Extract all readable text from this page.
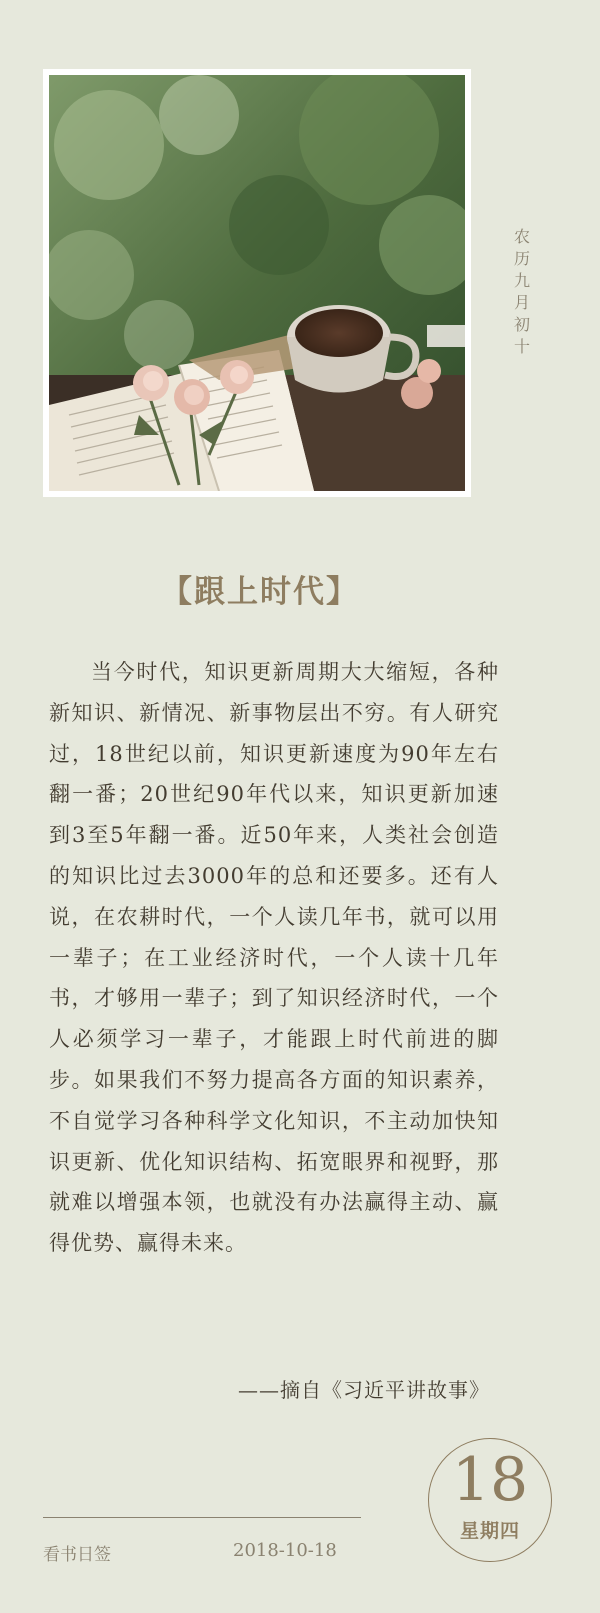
农历九月初十
【跟上时代】

当今时代，知识更新周期大大缩短，各种新知识、新情况、新事物层出不穷。有人研究过，18世纪以前，知识更新速度为90年左右翻一番；20世纪90年代以来，知识更新加速到3至5年翻一番。近50年来，人类社会创造的知识比过去3000年的总和还要多。还有人说，在农耕时代，一个人读几年书，就可以用一辈子；在工业经济时代，一个人读十几年书，才够用一辈子；到了知识经济时代，一个人必须学习一辈子，才能跟上时代前进的脚步。如果我们不努力提高各方面的知识素养，不自觉学习各种科学文化知识，不主动加快知识更新、优化知识结构、拓宽眼界和视野，那就难以增强本领，也就没有办法赢得主动、赢得优势、赢得未来。

——摘自《习近平讲故事》
看书日签	2018-10-18
18
星期四
